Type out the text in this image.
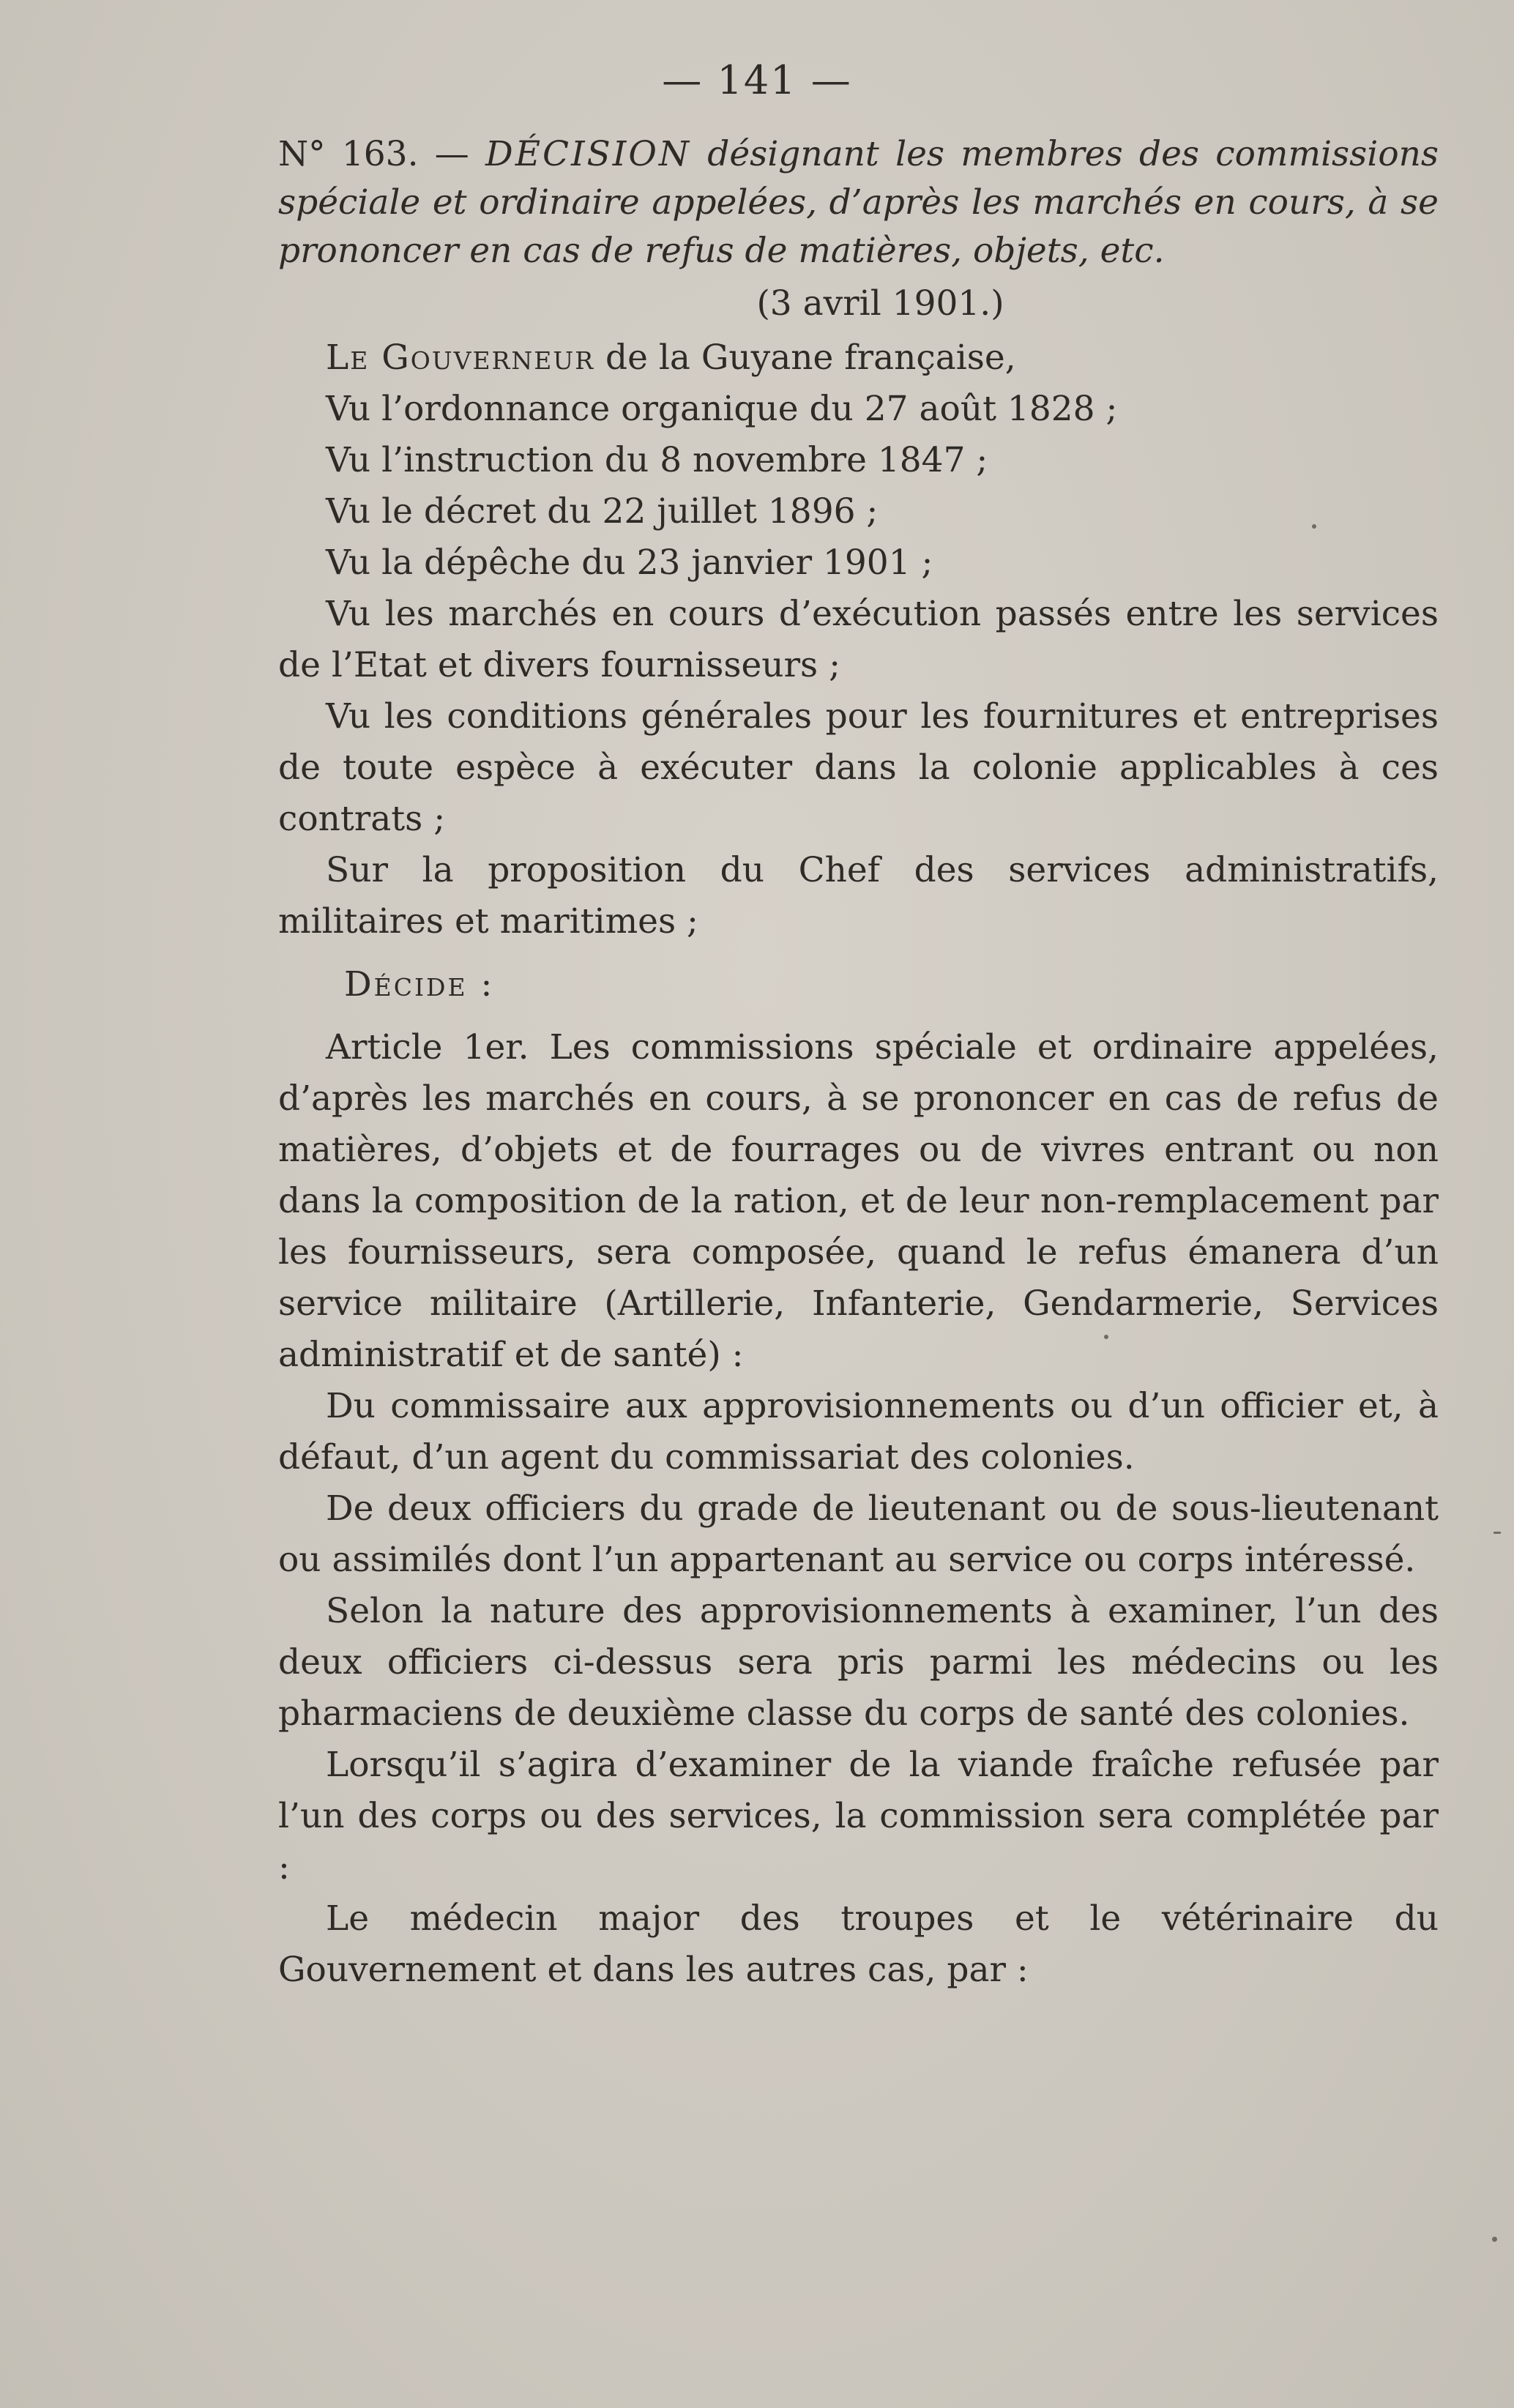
— 141 —
N° 163. — DÉCISION désignant les membres des commissions spéciale et ordinaire appelées, d’après les marchés en cours, à se prononcer en cas de refus de matières, objets, etc.
(3 avril 1901.)

Le Gouverneur de la Guyane française,

Vu l’ordonnance organique du 27 août 1828 ;

Vu l’instruction du 8 novembre 1847 ;

Vu le décret du 22 juillet 1896 ;

Vu la dépêche du 23 janvier 1901 ;

Vu les marchés en cours d’exécution passés entre les services de l’Etat et divers fournisseurs ;

Vu les conditions générales pour les fournitures et entreprises de toute espèce à exécuter dans la colonie applicables à ces contrats ;

Sur la proposition du Chef des services administratifs, militaires et maritimes ;

Décide :

Article 1er. Les commissions spéciale et ordinaire appelées, d’après les marchés en cours, à se prononcer en cas de refus de matières, d’objets et de fourrages ou de vivres entrant ou non dans la composition de la ration, et de leur non-remplacement par les fournisseurs, sera composée, quand le refus émanera d’un service militaire (Artillerie, Infanterie, Gendarmerie, Services administratif et de santé) :

Du commissaire aux approvisionnements ou d’un officier et, à défaut, d’un agent du commissariat des colonies.

De deux officiers du grade de lieutenant ou de sous-lieutenant ou assimilés dont l’un appartenant au service ou corps intéressé.

Selon la nature des approvisionnements à examiner, l’un des deux officiers ci-dessus sera pris parmi les médecins ou les pharmaciens de deuxième classe du corps de santé des colonies.

Lorsqu’il s’agira d’examiner de la viande fraîche refusée par l’un des corps ou des services, la commission sera complétée par :

Le médecin major des troupes et le vétérinaire du Gouvernement et dans les autres cas, par :
